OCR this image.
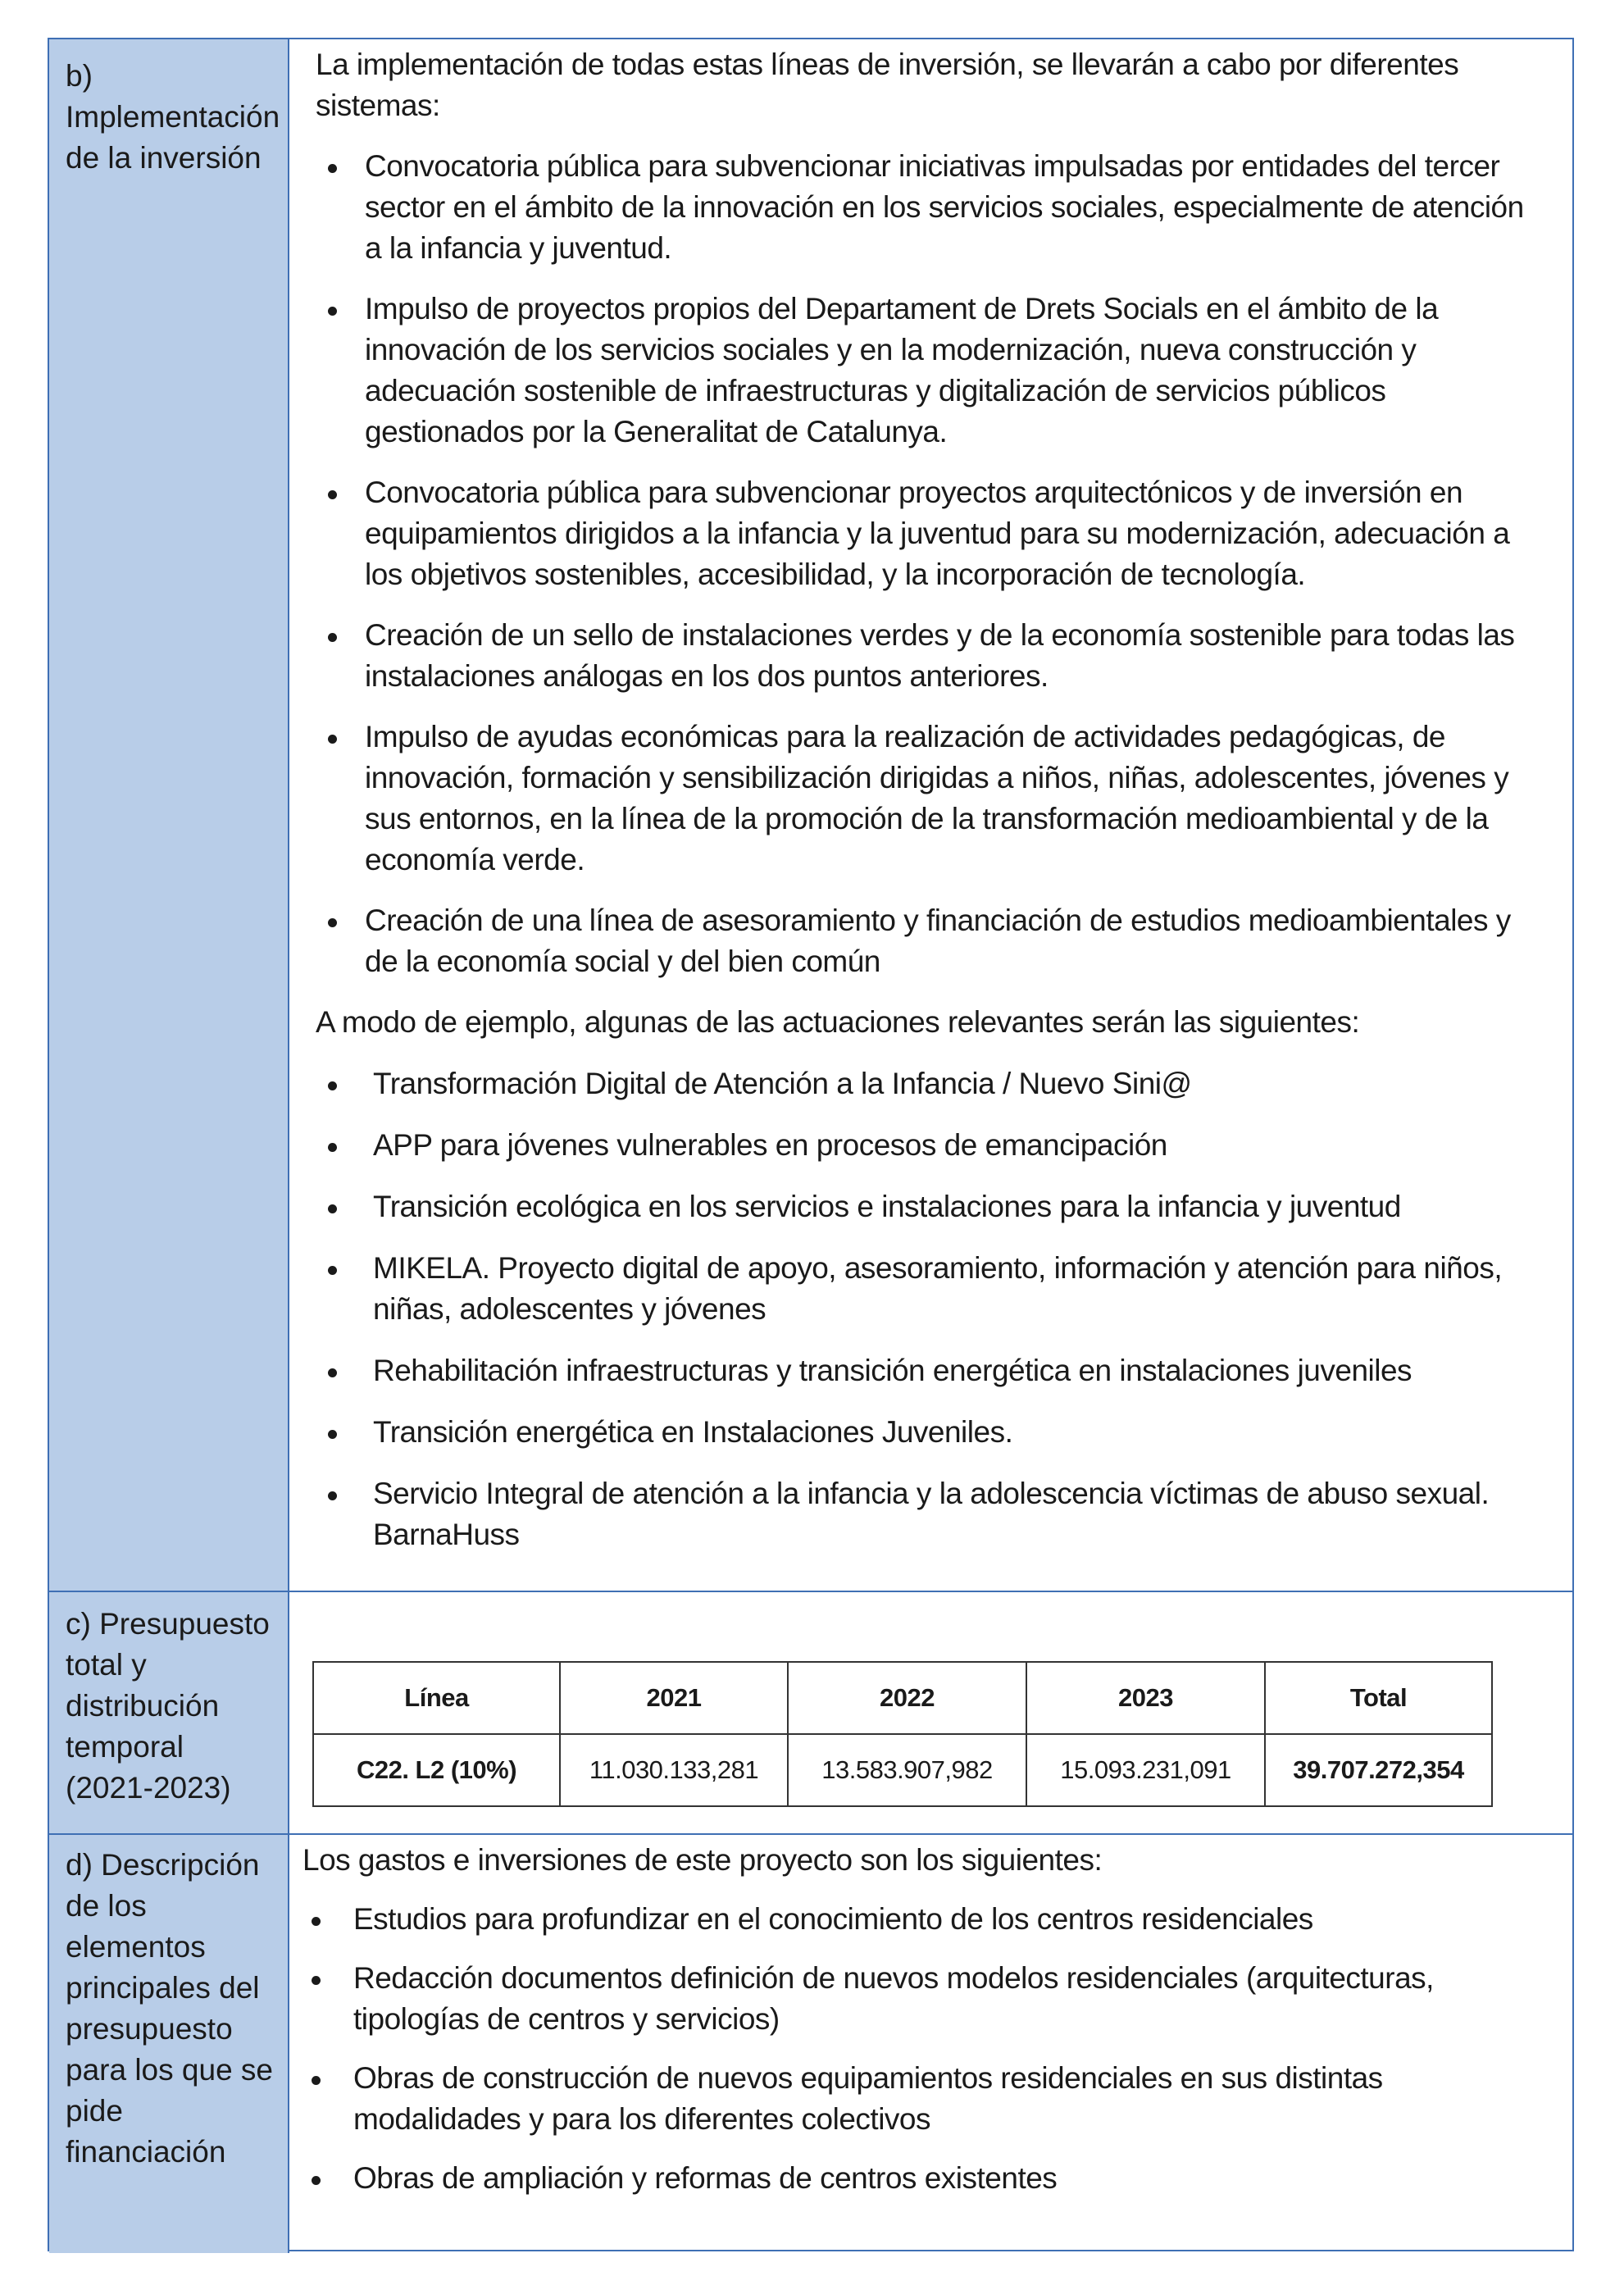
b) Implementación de la inversión

La implementación de todas estas líneas de inversión, se llevarán a cabo por diferentes sistemas:

Convocatoria pública para subvencionar iniciativas impulsadas por entidades del tercer sector en el ámbito de la innovación en los servicios sociales, especialmente de atención a la infancia y juventud.
Impulso de proyectos propios del Departament de Drets Socials en el ámbito de la innovación de los servicios sociales y en la modernización, nueva construcción y adecuación sostenible de infraestructuras y digitalización de servicios públicos gestionados por la Generalitat de Catalunya.
Convocatoria pública para subvencionar proyectos arquitectónicos y de inversión en equipamientos dirigidos a la infancia y la juventud para su modernización, adecuación a los objetivos sostenibles, accesibilidad, y la incorporación de tecnología.
Creación de un sello de instalaciones verdes y de la economía sostenible para todas las instalaciones análogas en los dos puntos anteriores.
Impulso de ayudas económicas para la realización de actividades pedagógicas, de innovación, formación y sensibilización dirigidas a niños, niñas, adolescentes, jóvenes y sus entornos, en la línea de la promoción de la transformación medioambiental y de la economía verde.
Creación de una línea de asesoramiento y financiación de estudios medioambientales y de la economía social y del bien común

A modo de ejemplo, algunas de las actuaciones relevantes serán las siguientes:

Transformación Digital de Atención a la Infancia / Nuevo Sini@
APP para jóvenes vulnerables en procesos de emancipación
Transición ecológica en los servicios e instalaciones para la infancia y juventud
MIKELA. Proyecto digital de apoyo, asesoramiento, información y atención para niños, niñas, adolescentes y jóvenes
Rehabilitación infraestructuras y transición energética en instalaciones juveniles
Transición energética en Instalaciones Juveniles.
Servicio Integral de atención a la infancia y la adolescencia víctimas de abuso sexual. BarnaHuss
c) Presupuesto total y distribución temporal (2021-2023)
Línea	2021	2022	2023	Total
C22. L2 (10%)	11.030.133,281	13.583.907,982	15.093.231,091	39.707.272,354
d) Descripción de los elementos principales del presupuesto para los que se pide financiación

Los gastos e inversiones de este proyecto son los siguientes:

Estudios para profundizar en el conocimiento de los centros residenciales
Redacción documentos definición de nuevos modelos residenciales (arquitecturas, tipologías de centros y servicios)
Obras de construcción de nuevos equipamientos residenciales en sus distintas modalidades y para los diferentes colectivos
Obras de ampliación y reformas de centros existentes
